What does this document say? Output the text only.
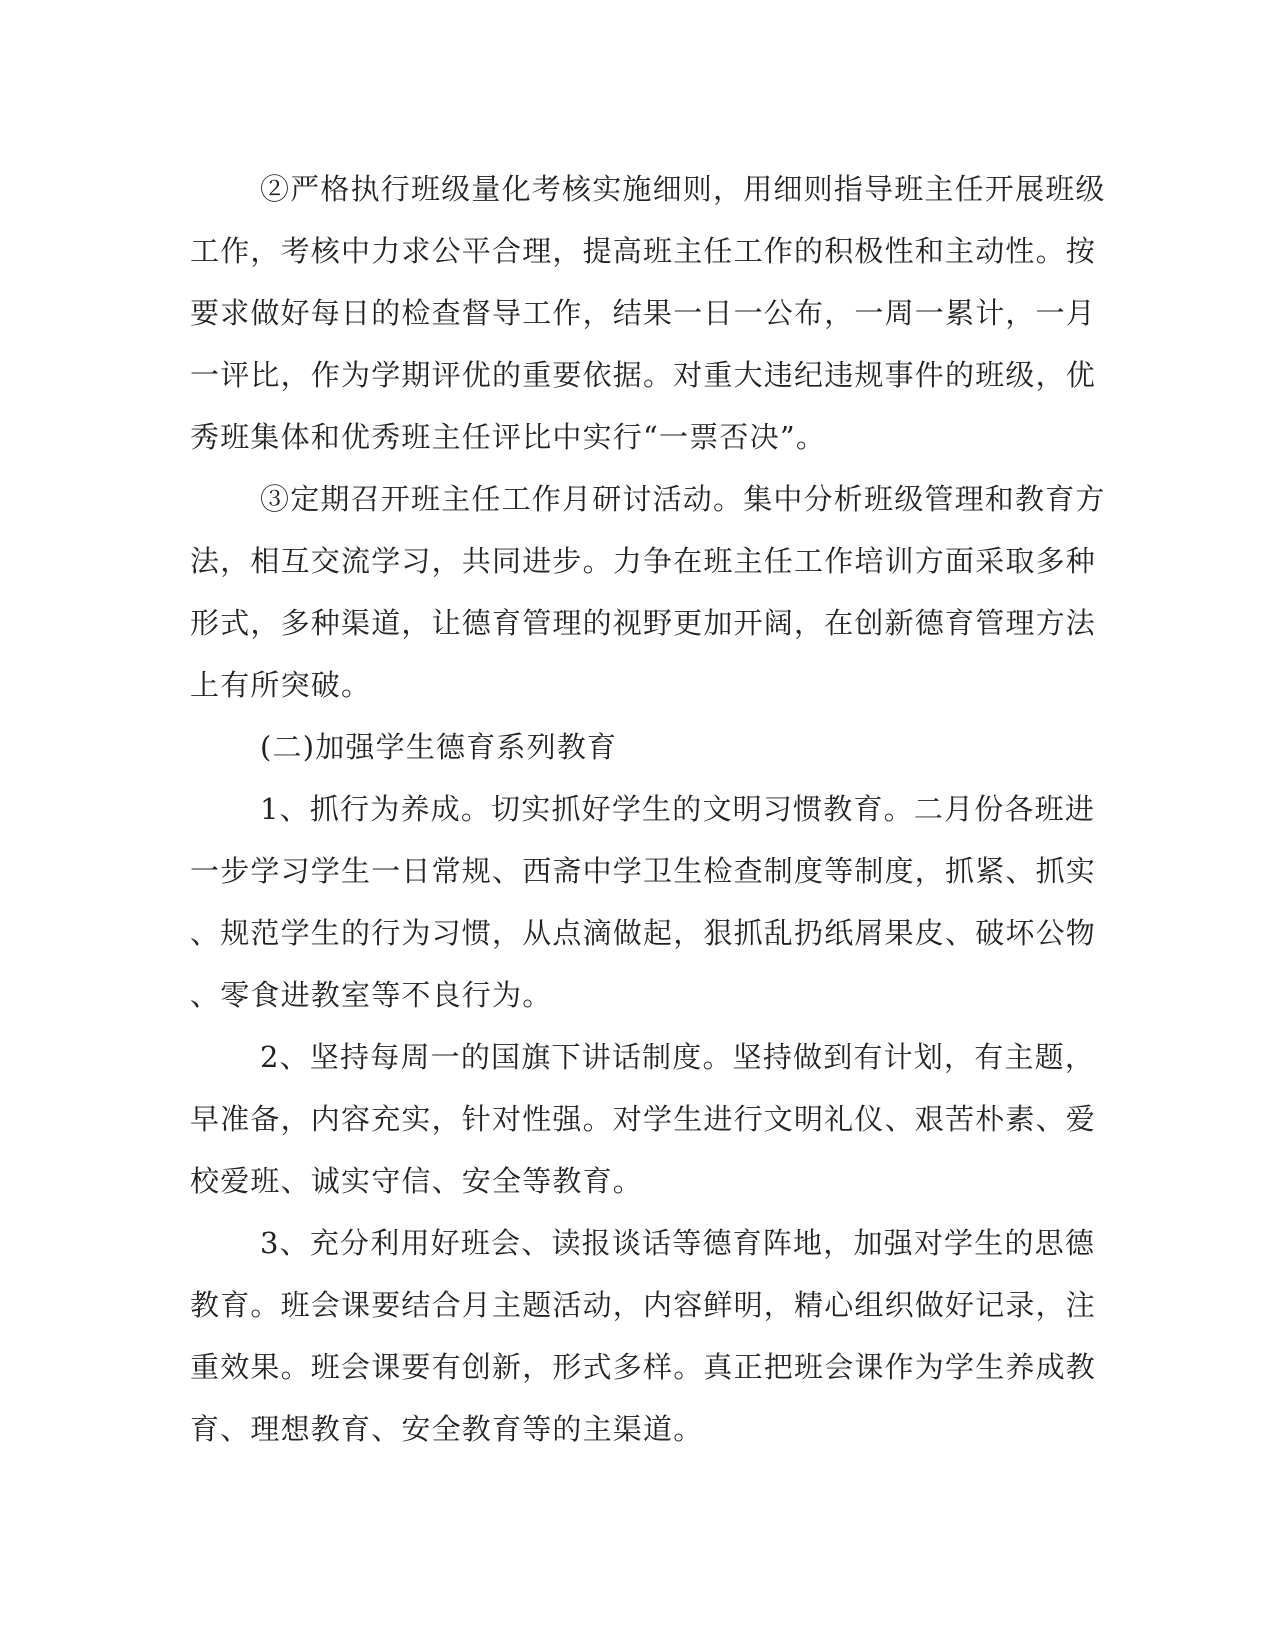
②严格执行班级量化考核实施细则，用细则指导班主任开展班级
工作，考核中力求公平合理，提高班主任工作的积极性和主动性。按
要求做好每日的检查督导工作，结果一日一公布，一周一累计，一月
一评比，作为学期评优的重要依据。对重大违纪违规事件的班级，优
秀班集体和优秀班主任评比中实行“一票否决”。
③定期召开班主任工作月研讨活动。集中分析班级管理和教育方
法，相互交流学习，共同进步。力争在班主任工作培训方面采取多种
形式，多种渠道，让德育管理的视野更加开阔，在创新德育管理方法
上有所突破。
(二)加强学生德育系列教育
1、抓行为养成。切实抓好学生的文明习惯教育。二月份各班进
一步学习学生一日常规、西斋中学卫生检查制度等制度，抓紧、抓实
、规范学生的行为习惯，从点滴做起，狠抓乱扔纸屑果皮、破坏公物
、零食进教室等不良行为。
2、坚持每周一的国旗下讲话制度。坚持做到有计划，有主题，
早准备，内容充实，针对性强。对学生进行文明礼仪、艰苦朴素、爱
校爱班、诚实守信、安全等教育。
3、充分利用好班会、读报谈话等德育阵地，加强对学生的思德
教育。班会课要结合月主题活动，内容鲜明，精心组织做好记录，注
重效果。班会课要有创新，形式多样。真正把班会课作为学生养成教
育、理想教育、安全教育等的主渠道。
